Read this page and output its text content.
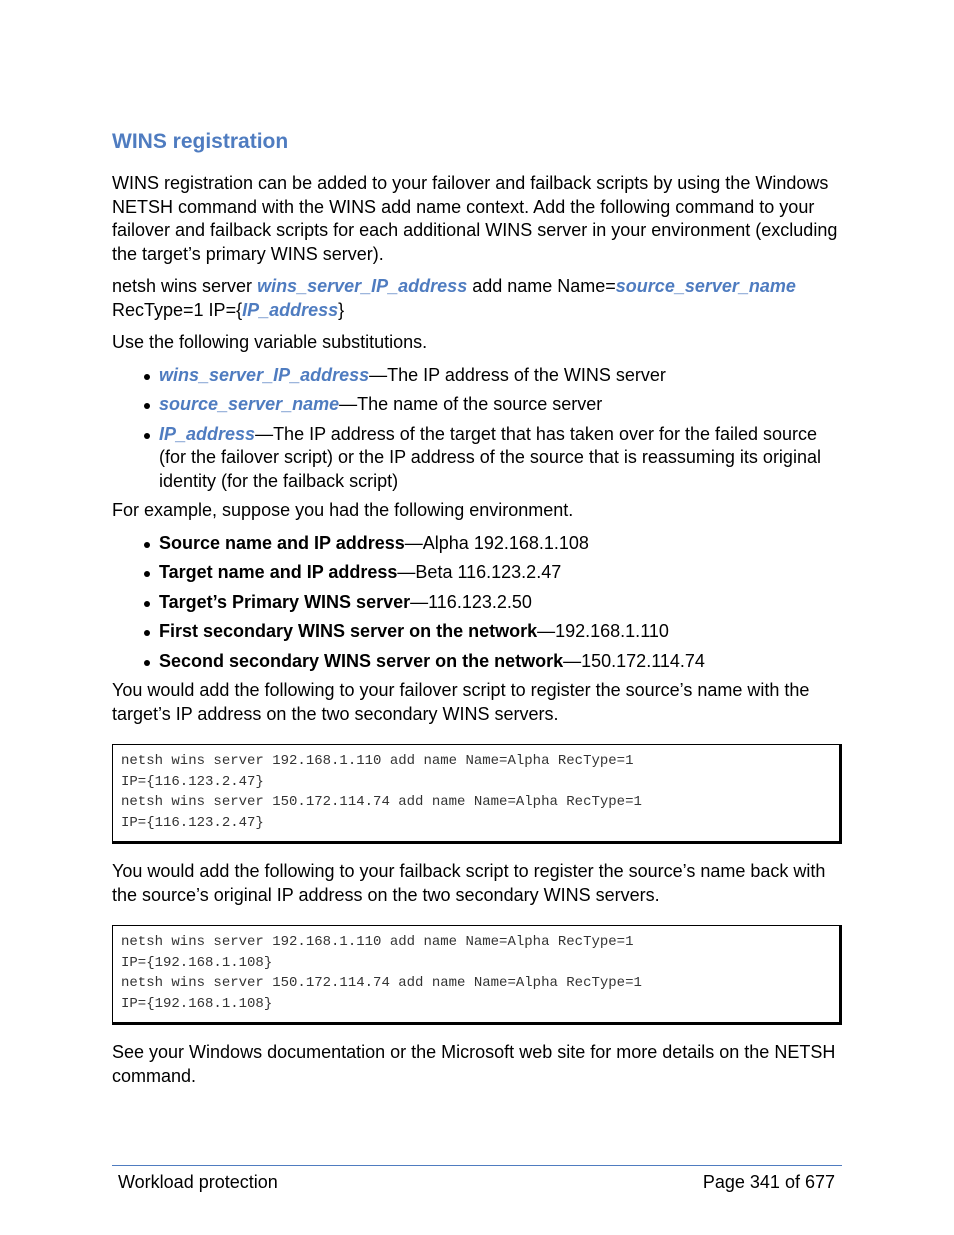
WINS registration

WINS registration can be added to your failover and failback scripts by using the Windows NETSH command with the WINS add name context. Add the following command to your failover and failback scripts for each additional WINS server in your environment (excluding the target’s primary WINS server).

netsh wins server wins_server_IP_address add name Name=source_server_name
RecType=1 IP={IP_address}

Use the following variable substitutions.

wins_server_IP_address—The IP address of the WINS server
source_server_name—The name of the source server
IP_address—The IP address of the target that has taken over for the failed source (for the failover script) or the IP address of the source that is reassuming its original identity (for the failback script)

For example, suppose you had the following environment.

Source name and IP address—Alpha 192.168.1.108
Target name and IP address—Beta 116.123.2.47
Target’s Primary WINS server—116.123.2.50
First secondary WINS server on the network—192.168.1.110
Second secondary WINS server on the network—150.172.114.74

You would add the following to your failover script to register the source’s name with the target’s IP address on the two secondary WINS servers.

netsh wins server 192.168.1.110 add name Name=Alpha RecType=1
IP={116.123.2.47}
netsh wins server 150.172.114.74 add name Name=Alpha RecType=1
IP={116.123.2.47}

You would add the following to your failback script to register the source’s name back with the source’s original IP address on the two secondary WINS servers.

netsh wins server 192.168.1.110 add name Name=Alpha RecType=1
IP={192.168.1.108}
netsh wins server 150.172.114.74 add name Name=Alpha RecType=1
IP={192.168.1.108}

See your Windows documentation or the Microsoft web site for more details on the NETSH command.

Workload protection	Page 341 of 677
